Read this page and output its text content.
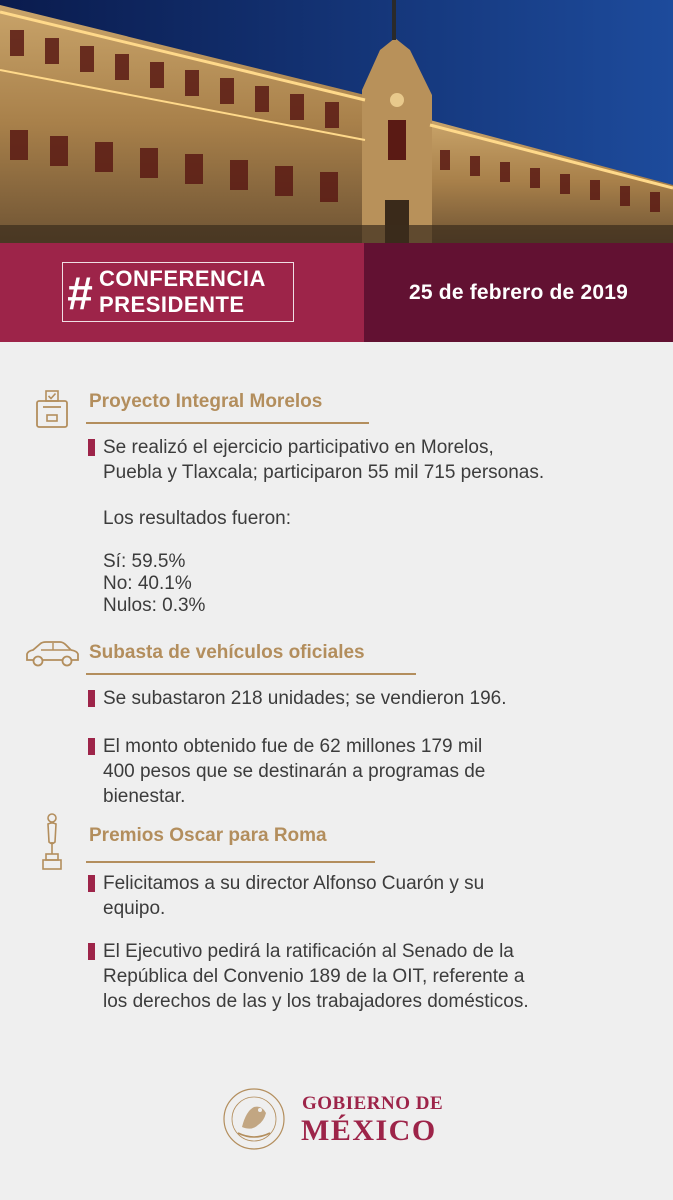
# CONFERENCIA
PRESIDENTE	25 de febrero de 2019
Proyecto Integral Morelos
Se realizó el ejercicio participativo en Morelos,
Puebla y Tlaxcala; participaron 55 mil 715 personas.
Los resultados fueron:
Sí: 59.5%
No: 40.1%
Nulos: 0.3%
Subasta de vehículos oficiales
Se subastaron 218 unidades; se vendieron 196.
El monto obtenido fue de 62 millones 179 mil
400 pesos que se destinarán a programas de
bienestar.
Premios Oscar para Roma
Felicitamos a su director Alfonso Cuarón y su
equipo.
El Ejecutivo pedirá la ratificación al Senado de la
República del Convenio 189 de la OIT, referente a
los derechos de las y los trabajadores domésticos.
GOBIERNO DE
MÉXICO
